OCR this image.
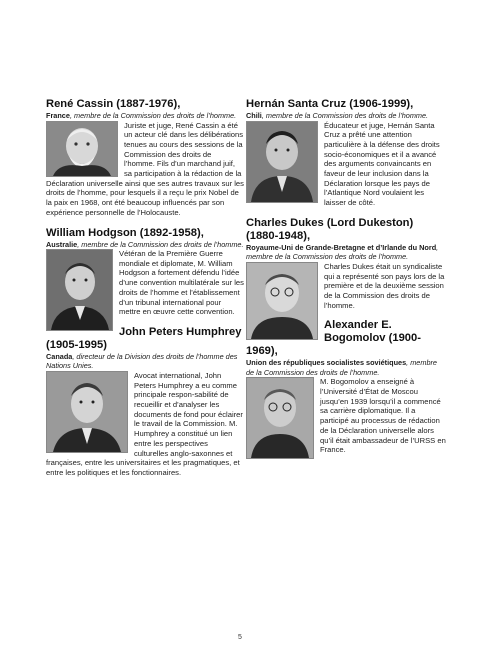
René Cassin (1887-1976),

France, membre de la Commission des droits de l’homme.

Juriste et juge, René Cassin a été un acteur clé dans les délibérations tenues au cours des sessions de la Commission des droits de l’homme. Fils d’un marchand juif, sa participation à la rédaction de la Déclaration universelle ainsi que ses autres travaux sur les droits de l’homme, pour lesquels il a reçu le prix Nobel de la paix en 1968, ont été beaucoup influencés par son expérience personnelle de l’Holocauste.

William Hodgson (1892-1958),

Australie, membre de la Commission des droits de l’homme.

Vétéran de la Première Guerre mondiale et diplomate, M. William Hodgson a fortement défendu l’idée d’une convention multilatérale sur les droits de l’homme et l’établissement d’un tribunal international pour mettre en œuvre cette convention.

John Peters Humphrey (1905-1995)

Canada, directeur de la Division des droits de l’homme des Nations Unies.

Avocat international, John Peters Humphrey a eu comme principale respon-sabilité de recueillir et d’analyser les documents de fond pour éclairer le travail de la Commission. M. Humphrey a constitué un lien entre les perspectives culturelles anglo-saxonnes et françaises, entre les universitaires et les pragmatiques, et entre les politiques et les fonctionnaires.

Hernán Santa Cruz (1906-1999),

Chili, membre de la Commission des droits de l’homme.

Éducateur et juge, Hernán Santa Cruz a prêté une attention particulière à la défense des droits socio-économiques et il a avancé des arguments convaincants en faveur de leur inclusion dans la Déclaration lorsque les pays de l’Atlantique Nord voulaient les laisser de côté.

Charles Dukes (Lord Dukeston) (1880-1948),

Royaume-Uni de Grande-Bretagne et d’Irlande du Nord, membre de la Commission des droits de l’homme.

Charles Dukes était un syndicaliste qui a représenté son pays lors de la première et de la deuxième session de la Commission des droits de l’homme.

Alexander E. Bogomolov (1900-1969),

Union des républiques socialistes soviétiques, membre de la Commission des droits de l’homme.

M. Bogomolov a enseigné à l’Université d’État de Moscou jusqu’en 1939 lorsqu’il a commencé sa carrière diplomatique. Il a participé au processus de rédaction de la Déclaration universelle alors qu’il était ambassadeur de l’URSS en France.

5
